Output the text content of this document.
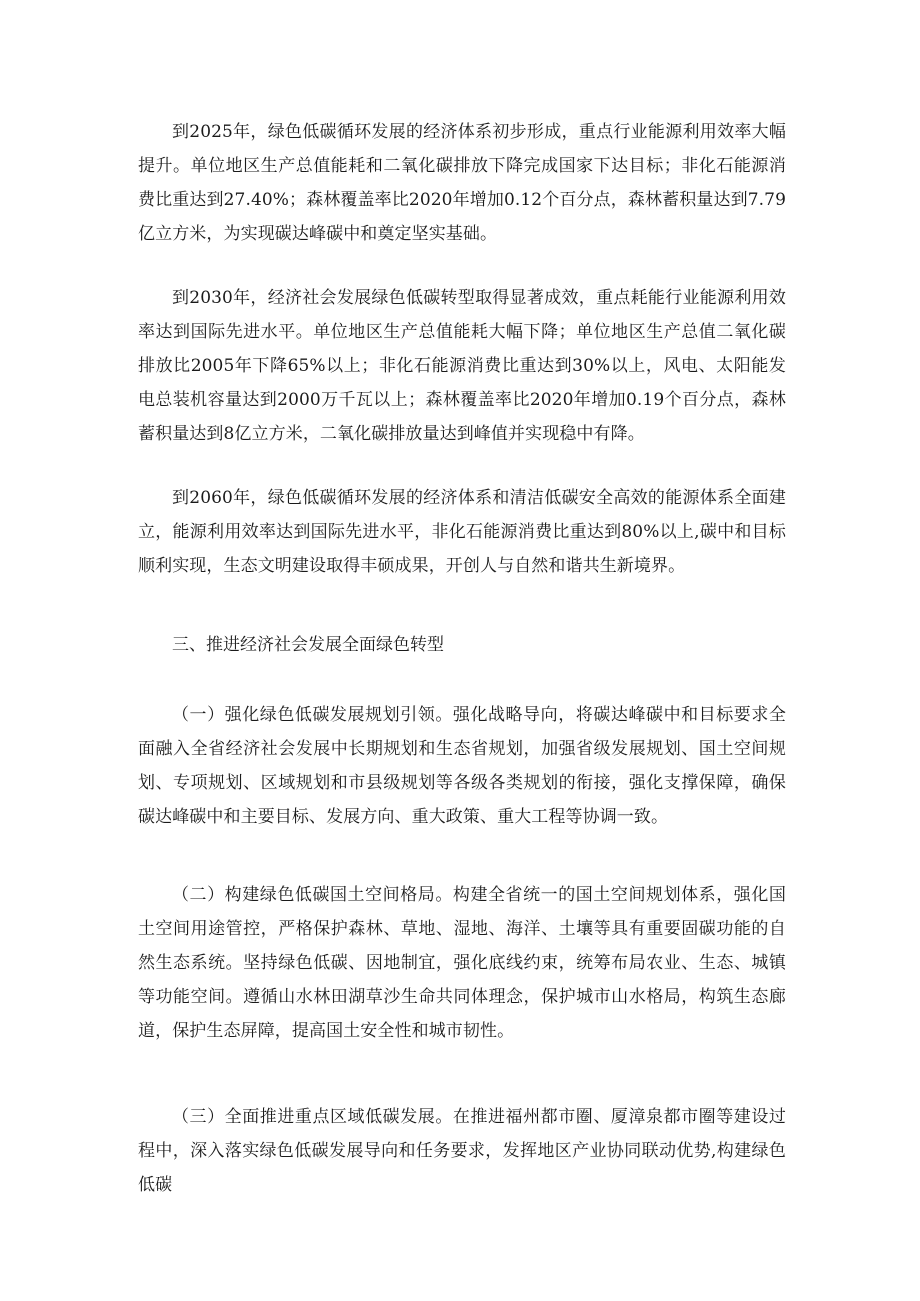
到2025年，绿色低碳循环发展的经济体系初步形成，重点行业能源利用效率大幅提升。单位地区生产总值能耗和二氧化碳排放下降完成国家下达目标；非化石能源消费比重达到27.40%；森林覆盖率比2020年增加0.12个百分点，森林蓄积量达到7.79亿立方米，为实现碳达峰碳中和奠定坚实基础。

到2030年，经济社会发展绿色低碳转型取得显著成效，重点耗能行业能源利用效率达到国际先进水平。单位地区生产总值能耗大幅下降；单位地区生产总值二氧化碳排放比2005年下降65%以上；非化石能源消费比重达到30%以上，风电、太阳能发电总装机容量达到2000万千瓦以上；森林覆盖率比2020年增加0.19个百分点，森林蓄积量达到8亿立方米，二氧化碳排放量达到峰值并实现稳中有降。

到2060年，绿色低碳循环发展的经济体系和清洁低碳安全高效的能源体系全面建立，能源利用效率达到国际先进水平，非化石能源消费比重达到80%以上,碳中和目标顺利实现，生态文明建设取得丰硕成果，开创人与自然和谐共生新境界。

三、推进经济社会发展全面绿色转型

（一）强化绿色低碳发展规划引领。强化战略导向，将碳达峰碳中和目标要求全面融入全省经济社会发展中长期规划和生态省规划，加强省级发展规划、国土空间规划、专项规划、区域规划和市县级规划等各级各类规划的衔接，强化支撑保障，确保碳达峰碳中和主要目标、发展方向、重大政策、重大工程等协调一致。

（二）构建绿色低碳国土空间格局。构建全省统一的国土空间规划体系，强化国土空间用途管控，严格保护森林、草地、湿地、海洋、土壤等具有重要固碳功能的自然生态系统。坚持绿色低碳、因地制宜，强化底线约束，统筹布局农业、生态、城镇等功能空间。遵循山水林田湖草沙生命共同体理念，保护城市山水格局，构筑生态廊道，保护生态屏障，提高国土安全性和城市韧性。

（三）全面推进重点区域低碳发展。在推进福州都市圈、厦漳泉都市圈等建设过程中，深入落实绿色低碳发展导向和任务要求，发挥地区产业协同联动优势,构建绿色低碳
